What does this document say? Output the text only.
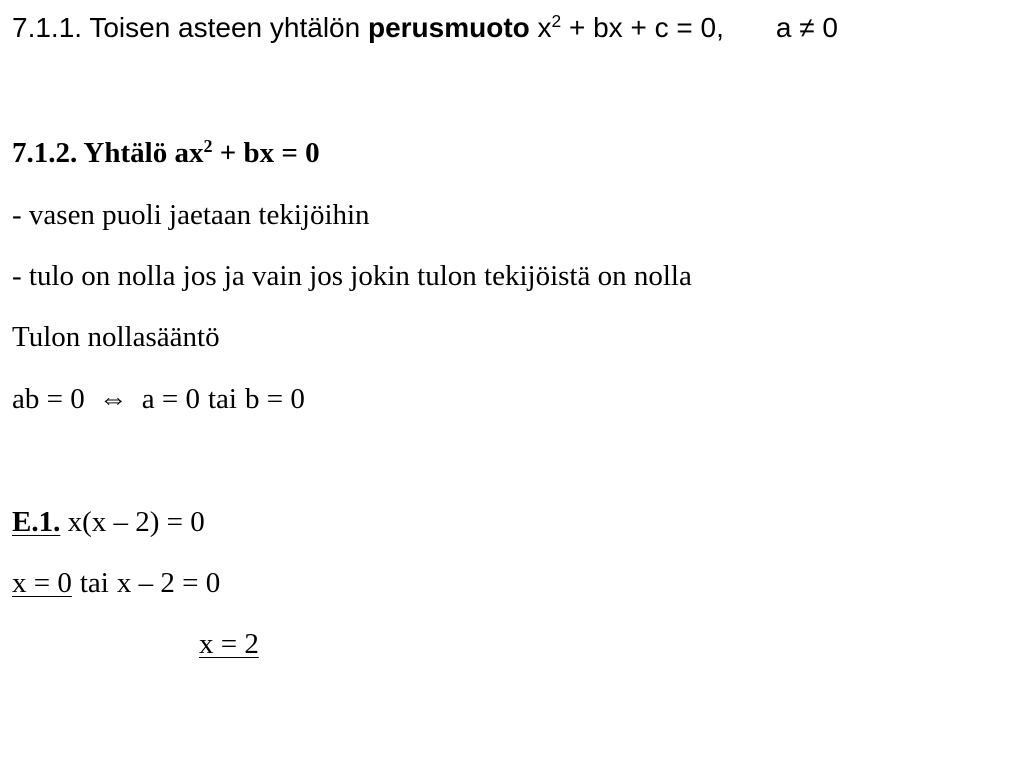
7.1.1. Toisen asteen yhtälön perusmuoto $x^2$ + bx + c = 0, a ≠ 0
7.1.2. Yhtälö $ax^2$ + bx = 0
- vasen puoli jaetaan tekijöihin
- tulo on nolla jos ja vain jos jokin tulon tekijöistä on nolla
Tulon nollasääntö
ab = 0 ⇔ a = 0 tai b = 0
E.1. x(x – 2) = 0
x = 0 tai x – 2 = 0
x = 2
